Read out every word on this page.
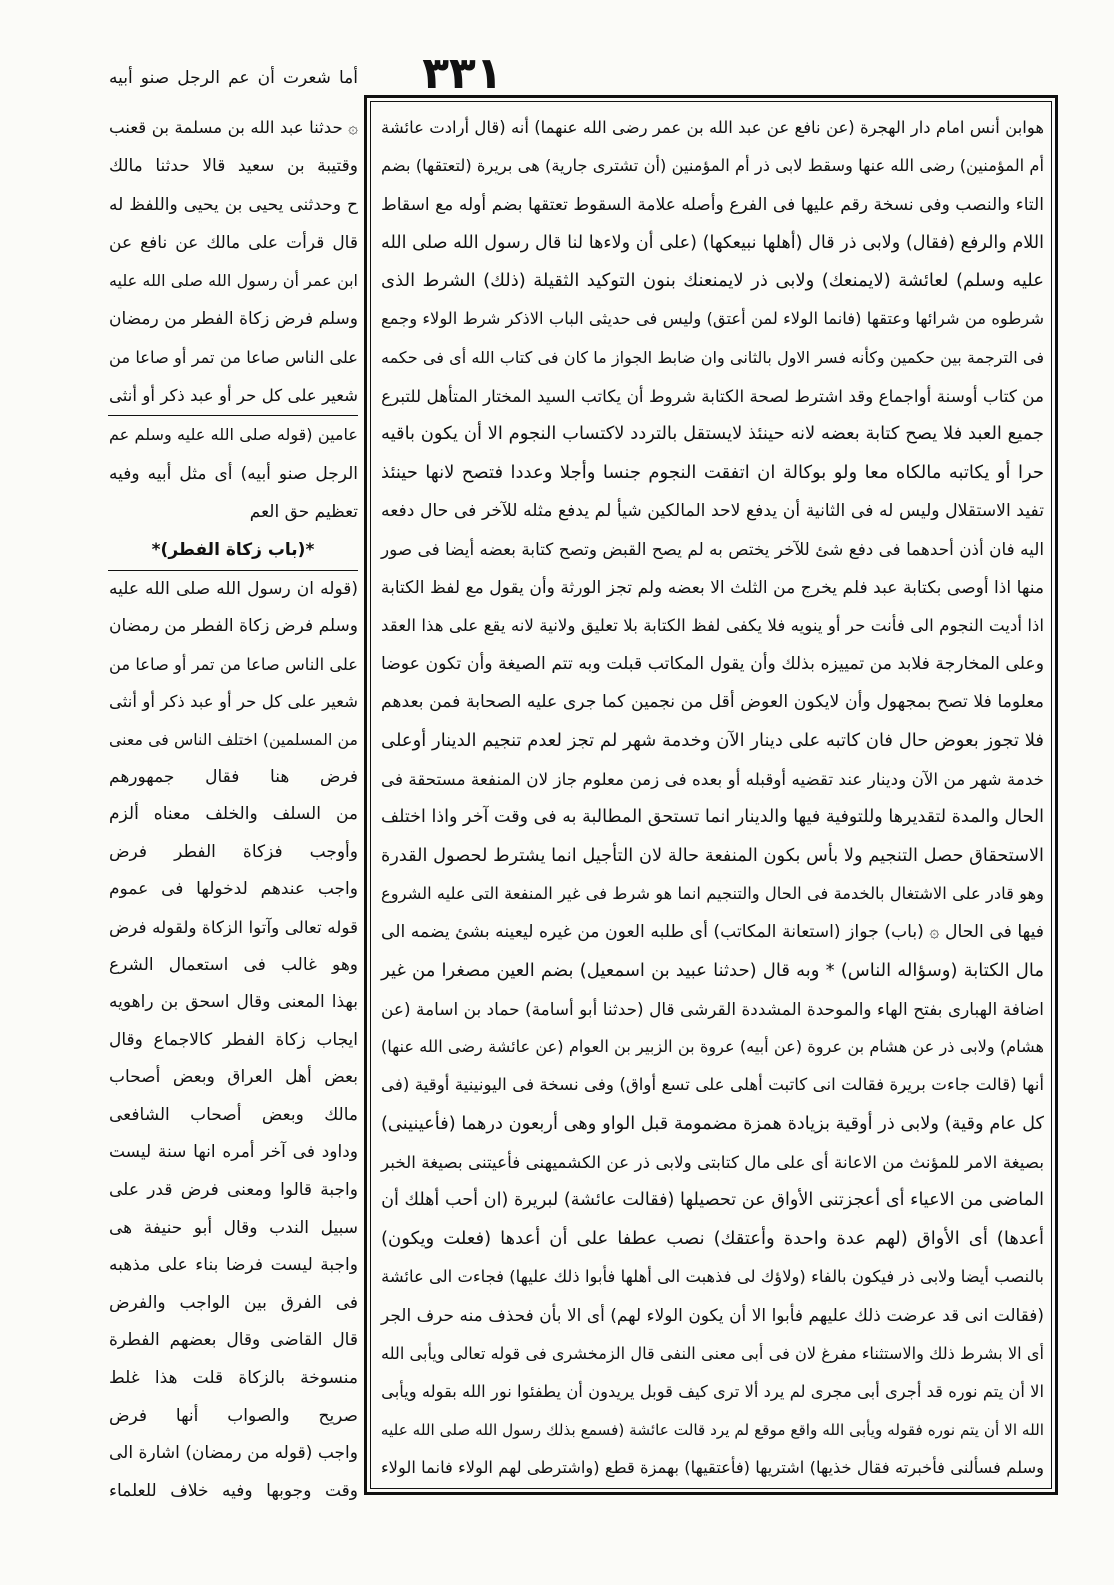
٣٣١
هوابن أنس امام دار الهجرة (عن نافع عن عبد الله بن عمر رضى الله عنهما) أنه (قال أرادت عائشة
أم المؤمنين) رضى الله عنها وسقط لابى ذر أم المؤمنين (أن تشترى جارية) هى بريرة (لتعتقها) بضم
التاء والنصب وفى نسخة رقم عليها فى الفرع وأصله علامة السقوط تعتقها بضم أوله مع اسقاط
اللام والرفع (فقال) ولابى ذر قال (أهلها نبيعكها) (على أن ولاءها لنا قال رسول الله صلى الله
عليه وسلم) لعائشة (لايمنعك) ولابى ذر لايمنعنك بنون التوكيد الثقيلة (ذلك) الشرط الذى
شرطوه من شرائها وعتقها (فانما الولاء لمن أعتق) وليس فى حديثى الباب الاذكر شرط الولاء وجمع
فى الترجمة بين حكمين وكأنه فسر الاول بالثانى وان ضابط الجواز ما كان فى كتاب الله أى فى حكمه
من كتاب أوسنة أواجماع وقد اشترط لصحة الكتابة شروط أن يكاتب السيد المختار المتأهل للتبرع
جميع العبد فلا يصح كتابة بعضه لانه حينئذ لايستقل بالتردد لاكتساب النجوم الا أن يكون باقيه
حرا أو يكاتبه مالكاه معا ولو بوكالة ان اتفقت النجوم جنسا وأجلا وعددا فتصح لانها حينئذ
تفيد الاستقلال وليس له فى الثانية أن يدفع لاحد المالكين شيأ لم يدفع مثله للآخر فى حال دفعه
اليه فان أذن أحدهما فى دفع شئ للآخر يختص به لم يصح القبض وتصح كتابة بعضه أيضا فى صور
منها اذا أوصى بكتابة عبد فلم يخرج من الثلث الا بعضه ولم تجز الورثة وأن يقول مع لفظ الكتابة
اذا أديت النجوم الى فأنت حر أو ينويه فلا يكفى لفظ الكتابة بلا تعليق ولانية لانه يقع على هذا العقد
وعلى المخارجة فلابد من تمييزه بذلك وأن يقول المكاتب قبلت وبه تتم الصيغة وأن تكون عوضا
معلوما فلا تصح بمجهول وأن لايكون العوض أقل من نجمين كما جرى عليه الصحابة فمن بعدهم
فلا تجوز بعوض حال فان كاتبه على دينار الآن وخدمة شهر لم تجز لعدم تنجيم الدينار أوعلى
خدمة شهر من الآن ودينار عند تقضيه أوقبله أو بعده فى زمن معلوم جاز لان المنفعة مستحقة فى
الحال والمدة لتقديرها وللتوفية فيها والدينار انما تستحق المطالبة به فى وقت آخر واذا اختلف
الاستحقاق حصل التنجيم ولا بأس بكون المنفعة حالة لان التأجيل انما يشترط لحصول القدرة
وهو قادر على الاشتغال بالخدمة فى الحال والتنجيم انما هو شرط فى غير المنفعة التى عليه الشروع
فيها فى الحال ۞ (باب) جواز (استعانة المكاتب) أى طلبه العون من غيره ليعينه بشئ يضمه الى
مال الكتابة (وسؤاله الناس) * وبه قال (حدثنا عبيد بن اسمعيل) بضم العين مصغرا من غير
اضافة الهبارى بفتح الهاء والموحدة المشددة القرشى قال (حدثنا أبو أسامة) حماد بن اسامة (عن
هشام) ولابى ذر عن هشام بن عروة (عن أبيه) عروة بن الزبير بن العوام (عن عائشة رضى الله عنها)
أنها (قالت جاءت بريرة فقالت انى كاتبت أهلى على تسع أواق) وفى نسخة فى اليونينية أوقية (فى
كل عام وقية) ولابى ذر أوقية بزيادة همزة مضمومة قبل الواو وهى أربعون درهما (فأعينينى)
بصيغة الامر للمؤنث من الاعانة أى على مال كتابتى ولابى ذر عن الكشميهنى فأعيتنى بصيغة الخبر
الماضى من الاعياء أى أعجزتنى الأواق عن تحصيلها (فقالت عائشة) لبريرة (ان أحب أهلك أن
أعدها) أى الأواق (لهم عدة واحدة وأعتقك) نصب عطفا على أن أعدها (فعلت ويكون)
بالنصب أيضا ولابى ذر فيكون بالفاء (ولاؤك لى فذهبت الى أهلها فأبوا ذلك عليها) فجاءت الى عائشة
(فقالت انى قد عرضت ذلك عليهم فأبوا الا أن يكون الولاء لهم) أى الا بأن فحذف منه حرف الجر
أى الا بشرط ذلك والاستثناء مفرغ لان فى أبى معنى النفى قال الزمخشرى فى قوله تعالى ويأبى الله
الا أن يتم نوره قد أجرى أبى مجرى لم يرد ألا ترى كيف قوبل يريدون أن يطفئوا نور الله بقوله ويأبى
الله الا أن يتم نوره فقوله ويأبى الله واقع موقع لم يرد قالت عائشة (فسمع بذلك رسول الله صلى الله عليه
وسلم فسألنى فأخبرته فقال خذيها) اشتريها (فأعتقيها) بهمزة قطع (واشترطى لهم الولاء فانما الولاء
أما شعرت أن عم الرجل صنو أبيه
۞ حدثنا عبد الله بن مسلمة بن قعنب
وقتيبة بن سعيد قالا حدثنا مالك
ح وحدثنى يحيى بن يحيى واللفظ له
قال قرأت على مالك عن نافع عن
ابن عمر أن رسول الله صلى الله عليه
وسلم فرض زكاة الفطر من رمضان
على الناس صاعا من تمر أو صاعا من
شعير على كل حر أو عبد ذكر أو أنثى
عامين (قوله صلى الله عليه وسلم عم
الرجل صنو أبيه) أى مثل أبيه وفيه
تعظيم حق العم
*(باب زكاة الفطر)*
(قوله ان رسول الله صلى الله عليه
وسلم فرض زكاة الفطر من رمضان
على الناس صاعا من تمر أو صاعا من
شعير على كل حر أو عبد ذكر أو أنثى
من المسلمين) اختلف الناس فى معنى
فرض هنا فقال جمهورهم
من السلف والخلف معناه ألزم
وأوجب فزكاة الفطر فرض
واجب عندهم لدخولها فى عموم
قوله تعالى وآتوا الزكاة ولقوله فرض
وهو غالب فى استعمال الشرع
بهذا المعنى وقال اسحق بن راهويه
ايجاب زكاة الفطر كالاجماع وقال
بعض أهل العراق وبعض أصحاب
مالك وبعض أصحاب الشافعى
وداود فى آخر أمره انها سنة ليست
واجبة قالوا ومعنى فرض قدر على
سبيل الندب وقال أبو حنيفة هى
واجبة ليست فرضا بناء على مذهبه
فى الفرق بين الواجب والفرض
قال القاضى وقال بعضهم الفطرة
منسوخة بالزكاة قلت هذا غلط
صريح والصواب أنها فرض
واجب (قوله من رمضان) اشارة الى
وقت وجوبها وفيه خلاف للعلماء
